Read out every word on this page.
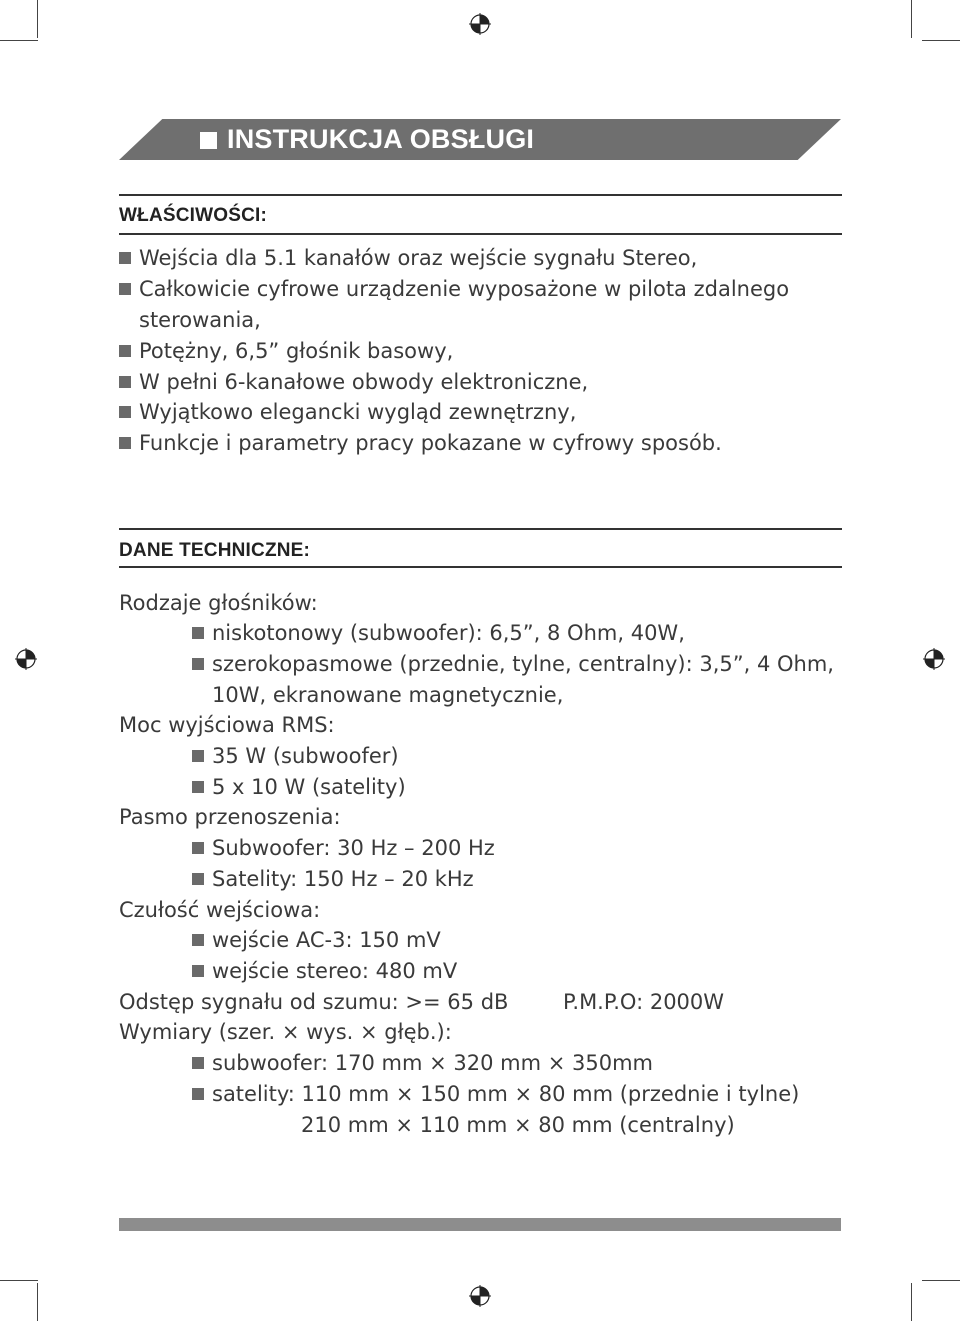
INSTRUKCJA OBSŁUGI
WŁAŚCIWOŚCI:
Wejścia dla 5.1 kanałów oraz wejście sygnału Stereo,
Całkowicie cyfrowe urządzenie wyposażone w pilota zdalnego
sterowania,
Potężny, 6,5” głośnik basowy,
W pełni 6-kanałowe obwody elektroniczne,
Wyjątkowo elegancki wygląd zewnętrzny,
Funkcje i parametry pracy pokazane w cyfrowy sposób.
DANE TECHNICZNE:
Rodzaje głośników:
niskotonowy (subwoofer): 6,5”, 8 Ohm, 40W,
szerokopasmowe (przednie, tylne, centralny): 3,5”, 4 Ohm,
10W, ekranowane magnetycznie,
Moc wyjściowa RMS:
35 W (subwoofer)
5 x 10 W (satelity)
Pasmo przenoszenia:
Subwoofer: 30 Hz – 200 Hz
Satelity: 150 Hz – 20 kHz
Czułość wejściowa:
wejście AC-3: 150 mV
wejście stereo: 480 mV
Odstęp sygnału od szumu: >= 65 dB	P.M.P.O: 2000W
Wymiary (szer. × wys. × głęb.):
subwoofer: 170 mm × 320 mm × 350mm
satelity: 110 mm × 150 mm × 80 mm (przednie i tylne)
210 mm × 110 mm × 80 mm (centralny)
